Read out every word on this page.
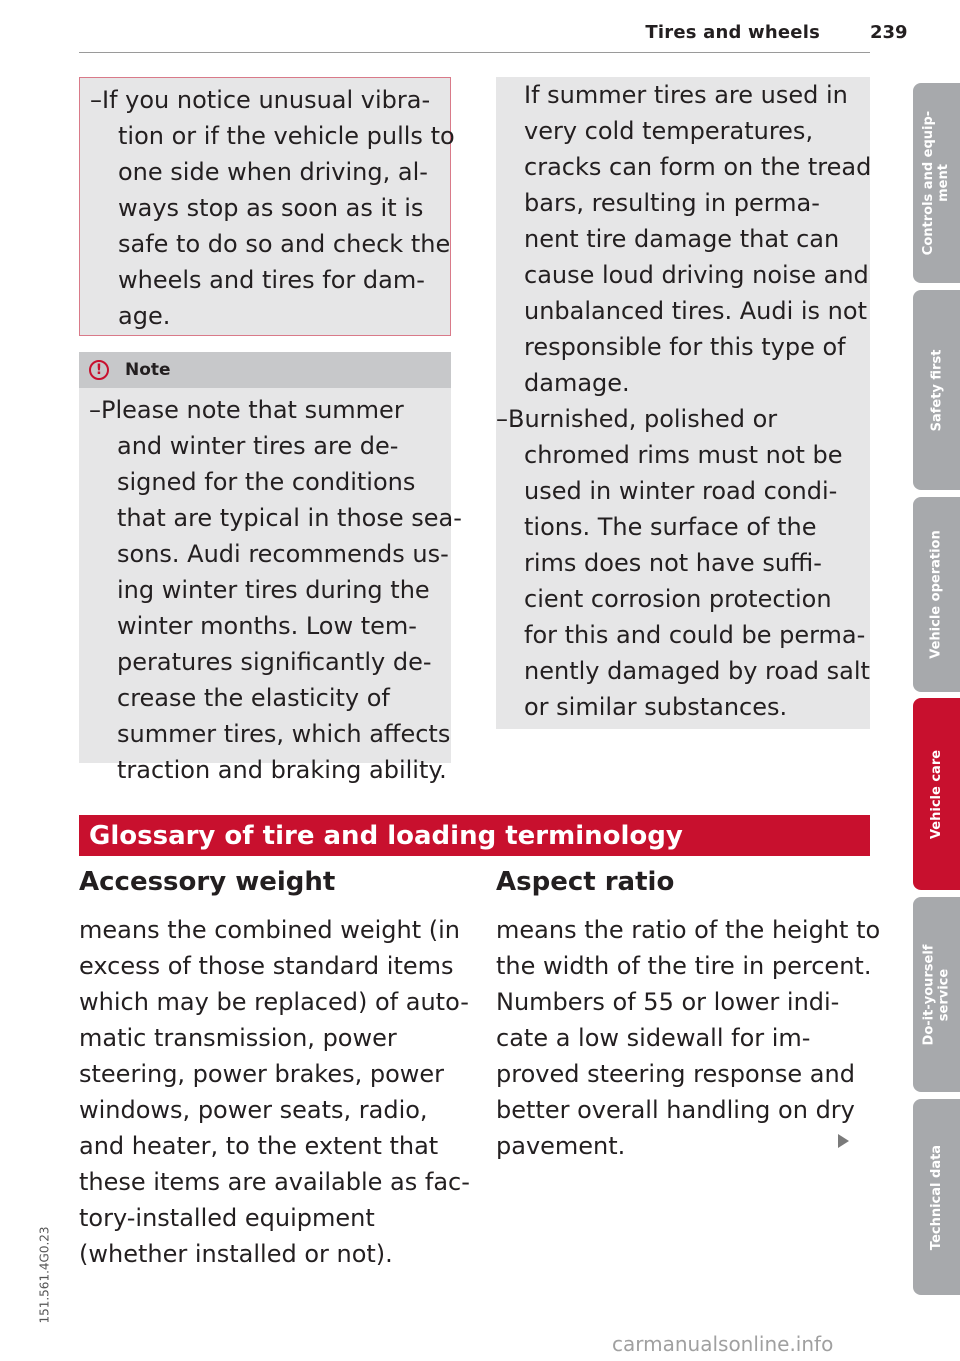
Tires and wheels	239

–If you notice unusual vibra-
tion or if the vehicle pulls to
one side when driving, al-
ways stop as soon as it is
safe to do so and check the
wheels and tires for dam-
age.

!	Note

–Please note that summer
and winter tires are de-
signed for the conditions
that are typical in those sea-
sons. Audi recommends us-
ing winter tires during the
winter months. Low tem-
peratures significantly de-
crease the elasticity of
summer tires, which affects
traction and braking ability.

If summer tires are used in
very cold temperatures,
cracks can form on the tread
bars, resulting in perma-
nent tire damage that can
cause loud driving noise and
unbalanced tires. Audi is not
responsible for this type of
damage.
–Burnished, polished or
chromed rims must not be
used in winter road condi-
tions. The surface of the
rims does not have suffi-
cient corrosion protection
for this and could be perma-
nently damaged by road salt
or similar substances.

Glossary of tire and loading terminology
Accessory weight

means the combined weight (in
excess of those standard items
which may be replaced) of auto-
matic transmission, power
steering, power brakes, power
windows, power seats, radio,
and heater, to the extent that
these items are available as fac-
tory-installed equipment
(whether installed or not).

Aspect ratio

means the ratio of the height to
the width of the tire in percent.
Numbers of 55 or lower indi-
cate a low sidewall for im-
proved steering response and
better overall handling on dry
pavement.

Controls and equip- ment
Safety first
Vehicle operation
Vehicle care
Do-it-yourself service
Technical data
151.561.4G0.23
carmanualsonline.info
